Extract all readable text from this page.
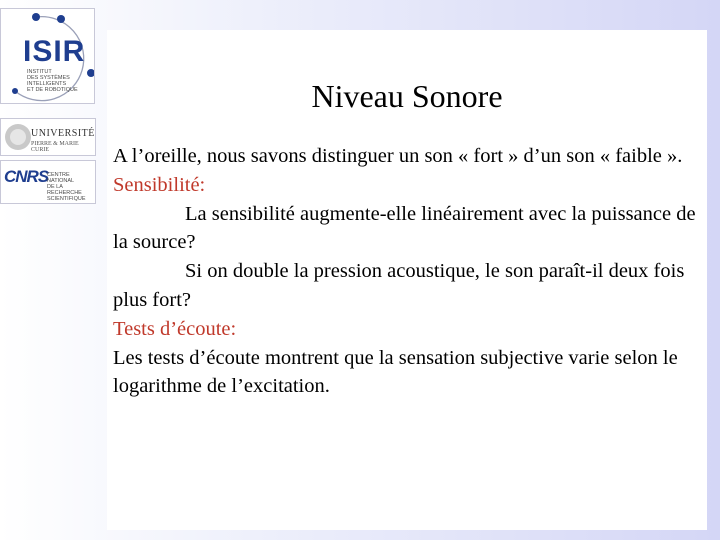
ISIR
INSTITUT
DES SYSTÈMES
INTELLIGENTS
ET DE ROBOTIQUE
UNIVERSITÉ
PIERRE & MARIE CURIE
CNRS
CENTRE NATIONAL
DE LA RECHERCHE
SCIENTIFIQUE
Niveau Sonore

A l’oreille, nous savons distinguer un son « fort » d’un son « faible ».

Sensibilité:

La sensibilité augmente-elle linéairement avec la puissance de la source?

Si on double la pression acoustique, le son paraît-il deux fois plus fort?

Tests d’écoute:

Les tests d’écoute montrent que la sensation subjective varie selon le logarithme de l’excitation.
